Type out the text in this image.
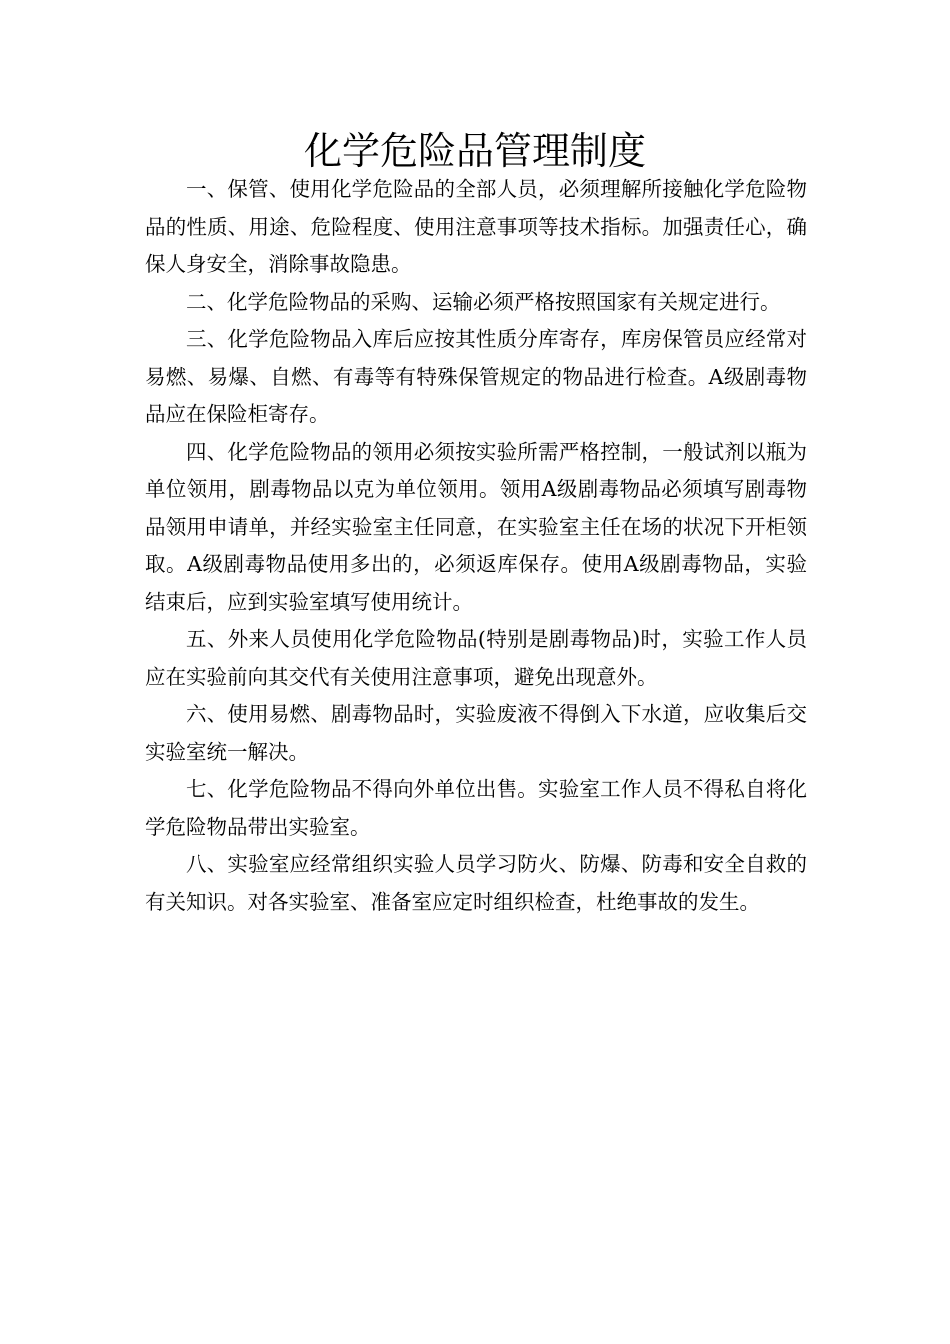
化学危险品管理制度

一、保管、使用化学危险品的全部人员，必须理解所接触化学危险物品的性质、用途、危险程度、使用注意事项等技术指标。加强责任心，确保人身安全，消除事故隐患。

二、化学危险物品的采购、运输必须严格按照国家有关规定进行。

三、化学危险物品入库后应按其性质分库寄存，库房保管员应经常对易燃、易爆、自燃、有毒等有特殊保管规定的物品进行检查。A级剧毒物品应在保险柜寄存。

四、化学危险物品的领用必须按实验所需严格控制，一般试剂以瓶为单位领用，剧毒物品以克为单位领用。领用A级剧毒物品必须填写剧毒物品领用申请单，并经实验室主任同意，在实验室主任在场的状况下开柜领取。A级剧毒物品使用多出的，必须返库保存。使用A级剧毒物品，实验结束后，应到实验室填写使用统计。

五、外来人员使用化学危险物品(特别是剧毒物品)时，实验工作人员应在实验前向其交代有关使用注意事项，避免出现意外。

六、使用易燃、剧毒物品时，实验废液不得倒入下水道，应收集后交实验室统一解决。

七、化学危险物品不得向外单位出售。实验室工作人员不得私自将化学危险物品带出实验室。

八、实验室应经常组织实验人员学习防火、防爆、防毒和安全自救的有关知识。对各实验室、准备室应定时组织检查，杜绝事故的发生。
